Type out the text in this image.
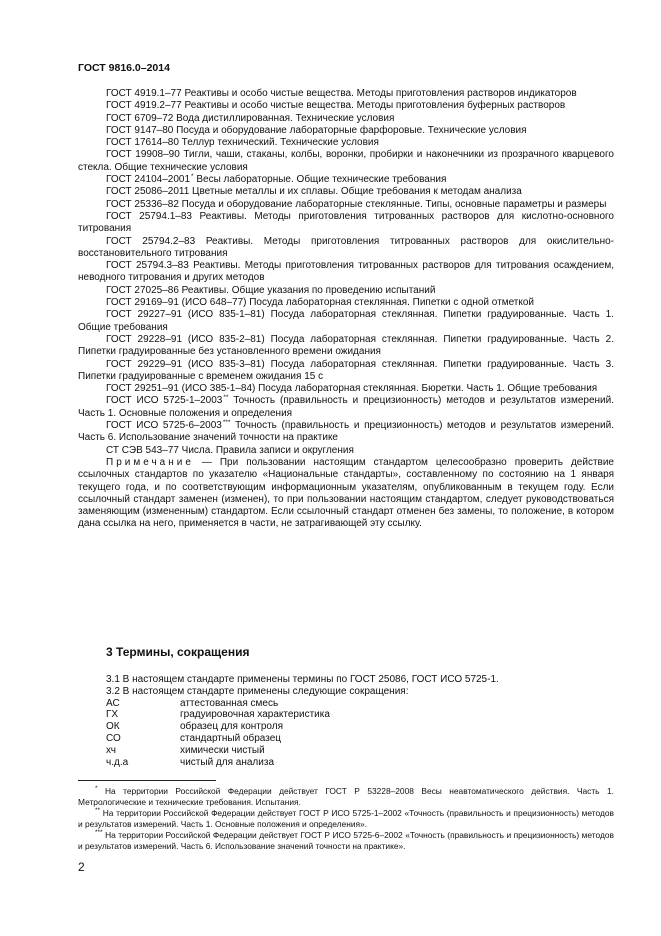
ГОСТ 9816.0–2014

ГОСТ 4919.1–77 Реактивы и особо чистые вещества. Методы приготовления растворов индикаторов

ГОСТ 4919.2–77 Реактивы и особо чистые вещества. Методы приготовления буферных растворов

ГОСТ 6709–72 Вода дистиллированная. Технические условия

ГОСТ 9147–80 Посуда и оборудование лабораторные фарфоровые. Технические условия

ГОСТ 17614–80 Теллур технический. Технические условия

ГОСТ 19908–90 Тигли, чаши, стаканы, колбы, воронки, пробирки и наконечники из прозрачного кварцевого стекла. Общие технические условия

ГОСТ 24104–2001* Весы лабораторные. Общие технические требования

ГОСТ 25086–2011 Цветные металлы и их сплавы. Общие требования к методам анализа

ГОСТ 25336–82 Посуда и оборудование лабораторные стеклянные. Типы, основные параметры и размеры

ГОСТ 25794.1–83 Реактивы. Методы приготовления титрованных растворов для кислотно-основного титрования

ГОСТ 25794.2–83 Реактивы. Методы приготовления титрованных растворов для окислительно-восстановительного титрования

ГОСТ 25794.3–83 Реактивы. Методы приготовления титрованных растворов для титрования осаждением, неводного титрования и других методов

ГОСТ 27025–86 Реактивы. Общие указания по проведению испытаний

ГОСТ 29169–91 (ИСО 648–77) Посуда лабораторная стеклянная. Пипетки с одной отметкой

ГОСТ 29227–91 (ИСО 835-1–81) Посуда лабораторная стеклянная. Пипетки градуированные. Часть 1. Общие требования

ГОСТ 29228–91 (ИСО 835-2–81) Посуда лабораторная стеклянная. Пипетки градуированные. Часть 2. Пипетки градуированные без установленного времени ожидания

ГОСТ 29229–91 (ИСО 835-3–81) Посуда лабораторная стеклянная. Пипетки градуированные. Часть 3. Пипетки градуированные с временем ожидания 15 с

ГОСТ 29251–91 (ИСО 385-1–84) Посуда лабораторная стеклянная. Бюретки. Часть 1. Общие требования

ГОСТ ИСО 5725-1–2003** Точность (правильность и прецизионность) методов и результатов измерений. Часть 1. Основные положения и определения

ГОСТ ИСО 5725-6–2003*** Точность (правильность и прецизионность) методов и результатов измерений. Часть 6. Использование значений точности на практике

СТ СЭВ 543–77 Числа. Правила записи и округления

Примечание — При пользовании настоящим стандартом целесообразно проверить действие ссылочных стандартов по указателю «Национальные стандарты», составленному по состоянию на 1 января текущего года, и по соответствующим информационным указателям, опубликованным в текущем году. Если ссылочный стандарт заменен (изменен), то при пользовании настоящим стандартом, следует руководствоваться заменяющим (измененным) стандартом. Если ссылочный стандарт отменен без замены, то положение, в котором дана ссылка на него, применяется в части, не затрагивающей эту ссылку.

3 Термины, сокращения

3.1 В настоящем стандарте применены термины по ГОСТ 25086, ГОСТ ИСО 5725-1.

3.2 В настоящем стандарте применены следующие сокращения:

АС	аттестованная смесь
ГХ	градуировочная характеристика
ОК	образец для контроля
СО	стандартный образец
хч	химически чистый
ч.д.а	чистый для анализа

* На территории Российской Федерации действует ГОСТ Р 53228–2008 Весы неавтоматического действия. Часть 1. Метрологические и технические требования. Испытания.

** На территории Российской Федерации действует ГОСТ Р ИСО 5725-1–2002 «Точность (правильность и прецизионность) методов и результатов измерений. Часть 1. Основные положения и определения».

*** На территории Российской Федерации действует ГОСТ Р ИСО 5725-6–2002 «Точность (правильность и прецизионность) методов и результатов измерений. Часть 6. Использование значений точности на практике».

2
